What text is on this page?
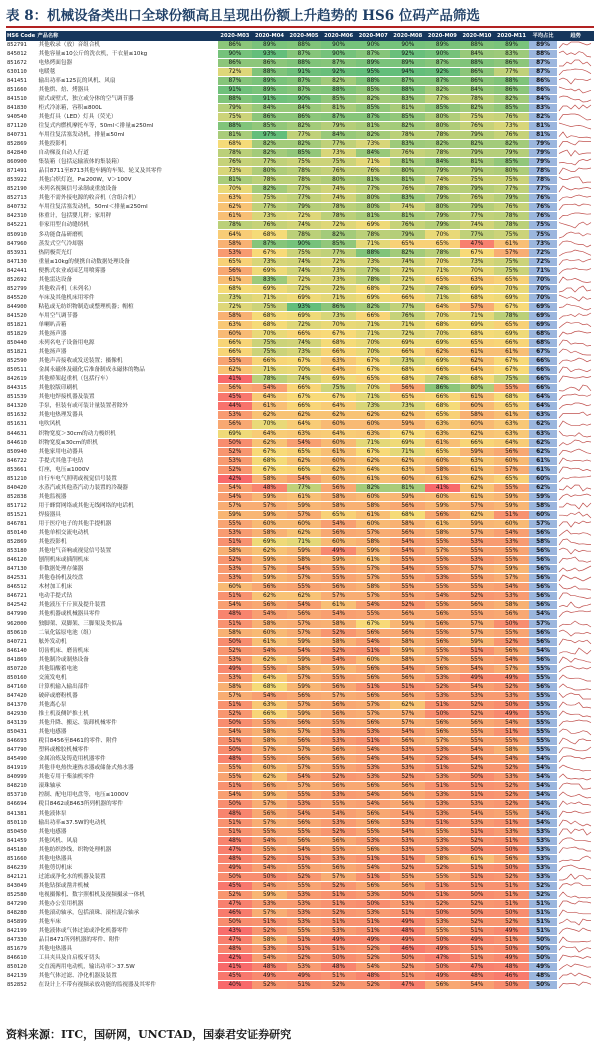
表 8：机械设备类出口全球份额高且呈现出份额上升趋势的 HS6 位码产品筛选
HS6 Code	产品名称	2020-M03	2020-M04	2020-M05	2020-M06	2020-M07	2020-M08	2020-M09	2020-M10	2020-M11	平均占比	趋势
852791	其他收录（放）音组合机	86%	89%	88%	90%	90%	90%	89%	88%	89%	89%	

845012	其他容量≤10公斤的洗衣机，干衣量≤10kg	90%	93%	87%	90%	87%	92%	90%	84%	83%	88%	

851672	电热烤面包器	86%	86%	88%	87%	89%	89%	87%	88%	86%	87%	

630110	电暖毯	72%	88%	91%	92%	95%	94%	92%	86%	77%	87%	

841451	输出功率≤125瓦的风机、风扇	87%	89%	87%	82%	88%	87%	87%	86%	88%	86%	

851660	其他烘、焙、烤器具	91%	89%	87%	88%	85%	88%	82%	84%	86%	86%	

841510	窗式或壁式，独立或分体的空气调节器	88%	91%	90%	85%	82%	83%	77%	78%	82%	84%	

841830	柜式冷冻箱，容积≤800L	79%	84%	84%	81%	85%	81%	85%	82%	85%	83%	

940540	其他灯具（LED）灯具（荧光）	75%	86%	86%	87%	87%	85%	80%	75%	76%	82%	

871120	往复式内燃机摩托车等，50ml＜排量≤250ml	88%	85%	82%	79%	81%	82%	80%	76%	73%	81%	

840731	车用往复活塞发动机，排量≤50ml	81%	97%	77%	84%	82%	78%	78%	79%	76%	81%	

852869	其他投影机	68%	82%	82%	77%	73%	83%	82%	82%	82%	79%	

842840	自动梯及自动人行道	78%	82%	85%	73%	84%	76%	78%	79%	79%	79%	

860900	集装箱（包括运输液体的集装箱）	76%	77%	75%	75%	71%	81%	84%	81%	85%	79%	

871491	品目8711至8713其他车辆的车架、轮叉及其零件	73%	80%	78%	76%	76%	80%	79%	79%	80%	78%	

853922	其他白炽灯泡，P≤200W，V＞100V	81%	78%	78%	80%	81%	81%	74%	75%	75%	78%	

852190	未列名视频信号录制或重放设备	70%	82%	77%	74%	77%	76%	78%	79%	77%	77%	

852713	其他不需外接电源的收音机（含组合机）	63%	75%	77%	74%	80%	83%	79%	76%	79%	76%	

840732	车用往复活塞发动机，50ml＜排量≤250ml	62%	77%	79%	78%	80%	74%	80%	79%	76%	76%	

842310	体重计，包括婴儿秤；家用秤	61%	73%	72%	78%	81%	81%	79%	77%	78%	76%	

845221	非家用型自动缝纫机	78%	76%	74%	72%	69%	76%	79%	74%	78%	75%	

850910	多功能食品研磨机	64%	68%	78%	82%	78%	79%	70%	77%	75%	75%	

847960	蒸发式空气冷却器	58%	87%	90%	85%	71%	65%	65%	47%	61%	73%	

853931	热阴极荧光灯	53%	67%	75%	77%	88%	82%	78%	67%	57%	72%	

847130	重量≤10kg的便携自动数据处理设备	65%	73%	74%	72%	73%	74%	70%	73%	75%	72%	

842441	便携式农业或园艺用喷雾器	56%	69%	74%	73%	77%	72%	71%	70%	75%	71%	

852692	其他雷达设备	61%	83%	72%	73%	78%	72%	65%	63%	65%	70%	

852799	其他收音机（未列名）	68%	69%	72%	72%	68%	72%	74%	69%	70%	70%	

845520	车床及其他机床用零件	73%	71%	69%	71%	69%	66%	71%	68%	69%	70%	

844900	粘毡或无纺织物制造或整理机器；帽楦	72%	75%	93%	86%	82%	77%	64%	57%	67%	69%	

841520	车用空气调节器	58%	68%	69%	73%	66%	76%	70%	71%	78%	69%	

851821	单喇叭音箱	63%	68%	72%	70%	71%	71%	68%	69%	65%	69%	

851829	其他扬声器	60%	70%	66%	67%	71%	72%	70%	68%	69%	68%	

850440	未列名电子设备用电源	66%	75%	74%	68%	70%	69%	69%	65%	66%	68%	

851821	其他扬声器	66%	75%	73%	66%	70%	66%	62%	61%	61%	67%	

852590	其他声音接收或发送装置；摄像机	55%	66%	67%	63%	67%	73%	69%	62%	67%	66%	

850511	金属永磁体及磁化后准备制成永磁体的物品	62%	71%	70%	64%	67%	68%	66%	64%	67%	66%	

842619	其他桥架起重机（包括行车）	41%	78%	74%	69%	65%	68%	74%	68%	75%	66%	

844315	其他胶版印刷机	56%	54%	66%	75%	70%	56%	86%	80%	55%	66%	

851539	其他电焊接机器及装置	45%	64%	67%	67%	71%	65%	66%	61%	68%	64%	

841320	手泵，但装有或可装计量装置者除外	44%	61%	66%	64%	73%	73%	68%	60%	65%	64%	

851632	其他电热理发器具	53%	62%	62%	62%	62%	62%	65%	58%	61%	63%	

851631	电吹风机	56%	70%	64%	60%	60%	59%	63%	60%	63%	62%	

844631	织物宽度＞30cm的动力梭织机	69%	64%	63%	64%	63%	67%	63%	62%	63%	63%	

844610	织物宽度≤30cm的织机	50%	62%	54%	60%	71%	69%	61%	66%	64%	62%	

850940	其他家用电动器具	52%	67%	65%	61%	67%	71%	65%	59%	56%	62%	

846722	手提式其他手电钻	53%	68%	62%	60%	62%	62%	60%	63%	60%	61%	

853661	灯座，电压≤1000V	52%	67%	66%	62%	64%	63%	58%	61%	57%	61%	

851210	自行车电气照明或视觉信号装置	42%	58%	54%	60%	61%	60%	61%	62%	65%	60%	

840420	水蒸汽或其他蒸汽动力装置的冷凝器	54%	48%	77%	56%	82%	81%	41%	62%	55%	62%	

852838	其他监视器	54%	59%	61%	58%	60%	59%	60%	61%	59%	59%	

851712	用于蜂窝网络或其他无线网络的电话机	57%	57%	59%	58%	58%	56%	59%	57%	59%	58%	

851521	焊接器具	59%	59%	57%	65%	61%	68%	56%	62%	51%	60%	

846781	用于医疗电子的其他手提机器	55%	60%	60%	54%	60%	58%	61%	59%	60%	57%	

850140	其他单相交流电动机	53%	58%	62%	56%	57%	56%	58%	57%	54%	56%	

852869	其他投影机	51%	69%	71%	60%	58%	54%	55%	53%	53%	58%	

853180	其他电气音响或视觉信号装置	58%	62%	59%	49%	59%	54%	57%	55%	55%	56%	

846120	刨削机床或插削机床	52%	59%	58%	59%	61%	55%	55%	53%	55%	56%	

847130	非数据处理存储器	53%	57%	54%	55%	57%	54%	55%	57%	59%	56%	

842531	其他卷扬机及绞盘	53%	59%	57%	55%	57%	55%	53%	55%	57%	56%	

846512	木材加工机床	60%	56%	55%	56%	58%	55%	55%	55%	54%	56%	

846721	电动手提式钻	51%	62%	62%	57%	57%	55%	54%	52%	53%	56%	

842542	其他液压千斤顶及提升装置	54%	56%	54%	61%	54%	52%	55%	56%	58%	56%	

847990	其他机器或机械器具零件	48%	54%	56%	54%	55%	56%	56%	55%	56%	54%	

962000	独脚架、双脚架、三脚架及类似品	51%	58%	57%	58%	67%	59%	56%	57%	50%	57%	

850610	二氧化锰原电池（组）	58%	60%	57%	52%	56%	56%	55%	57%	55%	56%	

840721	舷外发动机	50%	61%	59%	58%	54%	58%	56%	59%	52%	56%	

846140	切齿机床、磨齿机床	52%	54%	54%	52%	51%	59%	55%	51%	56%	54%	

841869	其他制冷或制热设备	53%	62%	59%	54%	60%	58%	57%	55%	54%	56%	

850720	其他铅酸蓄电池	49%	55%	58%	59%	56%	54%	56%	54%	57%	55%	

850160	交流发电机	53%	64%	57%	55%	56%	56%	53%	49%	49%	55%	

847160	计算机输入输出部件	58%	68%	59%	56%	51%	51%	52%	54%	52%	56%	

847420	破碎或磨粉机器	57%	54%	56%	57%	56%	56%	53%	53%	53%	55%	

841370	其他离心泵	51%	63%	57%	56%	57%	62%	51%	52%	50%	55%	

842930	推土机及侧铲推土机	52%	66%	59%	56%	57%	57%	50%	52%	49%	55%	

843139	其他升降、搬运、装卸机械零件	50%	55%	56%	55%	56%	57%	56%	56%	54%	55%	

850431	其他电感器	54%	58%	57%	53%	53%	54%	56%	55%	51%	55%	

846693	税目8456至8461的零件、附件	51%	58%	56%	53%	51%	56%	57%	55%	55%	55%	

847790	塑料或橡胶机械零件	50%	57%	57%	56%	54%	53%	53%	54%	58%	55%	

845490	金属冶炼及铸造用机器零件	48%	55%	56%	56%	54%	54%	52%	54%	54%	54%	

841919	其他非电热快速热水器或储备式热水器	55%	60%	57%	55%	53%	53%	51%	52%	52%	54%	

840999	其他专用于柴油机零件	55%	62%	54%	52%	53%	52%	53%	50%	53%	54%	

848210	滚珠轴承	51%	56%	57%	56%	56%	56%	51%	51%	52%	54%	

853710	控制、配电用电盘等，电压≤1000V	54%	59%	55%	53%	54%	56%	53%	51%	52%	54%	

846694	税目8462或8463所列机器的零件	50%	57%	53%	55%	54%	56%	53%	53%	52%	54%	

841381	其他液体泵	48%	56%	54%	54%	56%	54%	53%	54%	55%	54%	

850110	输出功率≤37.5W的电动机	51%	57%	56%	53%	56%	53%	51%	53%	51%	54%	

850450	其他电感器	51%	55%	55%	52%	55%	54%	55%	51%	53%	53%	

841459	其他风机、风扇	48%	54%	56%	56%	53%	53%	53%	52%	51%	53%	

845180	其他纺织纱线、织物处理机器	47%	55%	54%	55%	56%	53%	53%	50%	50%	53%	

851660	其他电热器具	48%	52%	51%	53%	51%	51%	58%	61%	56%	53%	

846239	其他剪切机床	49%	54%	55%	56%	54%	52%	52%	51%	50%	53%	

842121	过滤或净化水的机器及装置	50%	50%	52%	57%	51%	55%	55%	51%	52%	53%	

843049	其他钻探或凿井机械	45%	54%	55%	52%	56%	56%	51%	51%	51%	52%	

852580	电视摄像机、数字照相机及视频摄录一体机	52%	59%	53%	51%	53%	50%	51%	50%	51%	52%	

847290	其他办公室用机器	47%	53%	53%	51%	50%	53%	52%	52%	51%	51%	

848280	其他滚动轴承，包括滚珠、滚柱混合轴承	46%	57%	53%	52%	53%	51%	50%	50%	50%	51%	

845899	其他车床	50%	51%	53%	51%	51%	49%	53%	52%	52%	51%	

842199	其他液体或气体过滤或净化机器零件	43%	52%	55%	53%	51%	48%	55%	51%	49%	51%	

847330	品目8471所列机器的零件、附件	47%	58%	51%	49%	49%	49%	50%	49%	51%	50%	

851679	其他电热器具	48%	53%	51%	51%	52%	46%	49%	51%	50%	50%	

846610	工具夹具及自启板牙切头	42%	54%	52%	50%	52%	50%	47%	51%	49%	50%	

850120	交直流两用电动机，输出功率＞37.5W	41%	48%	53%	48%	54%	52%	50%	47%	48%	49%	

842139	其他气体过滤、净化机器及装置	45%	49%	49%	51%	48%	51%	49%	48%	46%	48%	

852852	在设计上不带有视频录放功能的监视器及其零件	40%	52%	51%	52%	52%	47%	56%	54%	50%	50%	
资料来源：ITC，国研网，UNCTAD，国泰君安证券研究
